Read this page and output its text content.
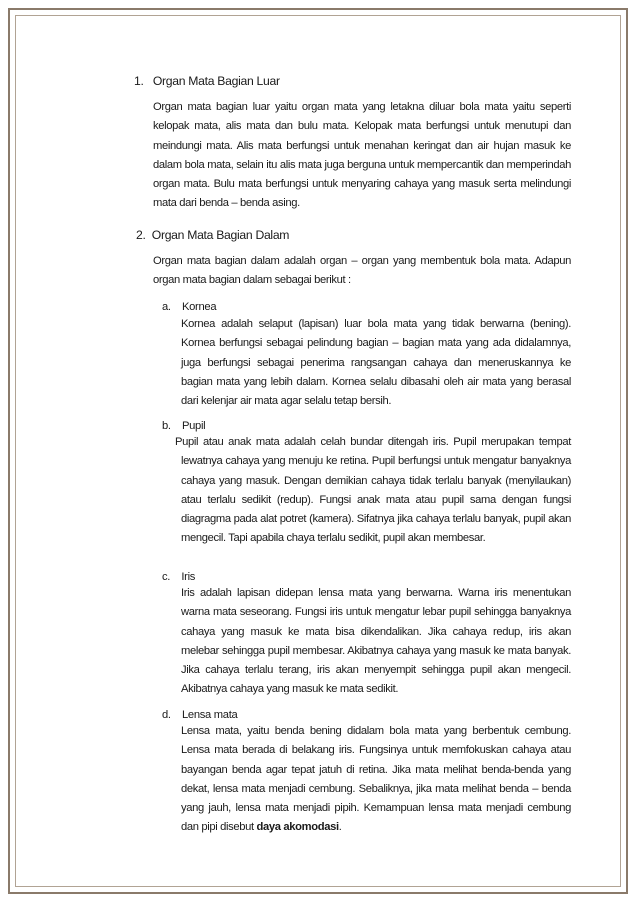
1. Organ Mata Bagian Luar
Organ mata bagian luar yaitu organ mata yang letakna diluar bola mata yaitu seperti kelopak mata, alis mata dan bulu mata. Kelopak mata berfungsi untuk menutupi dan meindungi mata. Alis mata berfungsi untuk menahan keringat dan air hujan masuk ke dalam bola mata, selain itu alis mata juga berguna untuk mempercantik dan memperindah organ mata. Bulu mata berfungsi untuk menyaring cahaya yang masuk serta melindungi mata dari benda – benda asing.
2. Organ Mata Bagian Dalam
Organ mata bagian dalam adalah organ – organ yang membentuk bola mata. Adapun organ mata bagian dalam sebagai berikut :
a. Kornea
Kornea adalah selaput (lapisan) luar bola mata yang tidak berwarna (bening). Kornea berfungsi sebagai pelindung bagian – bagian mata yang ada didalamnya, juga berfungsi sebagai penerima rangsangan cahaya dan meneruskannya ke bagian mata yang lebih dalam. Kornea selalu dibasahi oleh air mata yang berasal dari kelenjar air mata agar selalu tetap bersih.
b. Pupil
Pupil atau anak mata adalah celah bundar ditengah iris. Pupil merupakan tempat lewatnya cahaya yang menuju ke retina. Pupil berfungsi untuk mengatur banyaknya cahaya yang masuk. Dengan demikian cahaya tidak terlalu banyak (menyilaukan) atau terlalu sedikit (redup). Fungsi anak mata atau pupil sama dengan fungsi diagragma pada alat potret (kamera). Sifatnya jika cahaya terlalu banyak, pupil akan mengecil. Tapi apabila chaya terlalu sedikit, pupil akan membesar.
c. Iris
Iris adalah lapisan didepan lensa mata yang berwarna. Warna iris menentukan warna mata seseorang. Fungsi iris untuk mengatur lebar pupil sehingga banyaknya cahaya yang masuk ke mata bisa dikendalikan. Jika cahaya redup, iris akan melebar sehingga pupil membesar. Akibatnya cahaya yang masuk ke mata banyak. Jika cahaya terlalu terang, iris akan menyempit sehingga pupil akan mengecil. Akibatnya cahaya yang masuk ke mata sedikit.
d. Lensa mata
Lensa mata, yaitu benda bening didalam bola mata yang berbentuk cembung. Lensa mata berada di belakang iris. Fungsinya untuk memfokuskan cahaya atau bayangan benda agar tepat jatuh di retina. Jika mata melihat benda-benda yang dekat, lensa mata menjadi cembung. Sebaliknya, jika mata melihat benda – benda yang jauh, lensa mata menjadi pipih. Kemampuan lensa mata menjadi cembung dan pipi disebut daya akomodasi.
